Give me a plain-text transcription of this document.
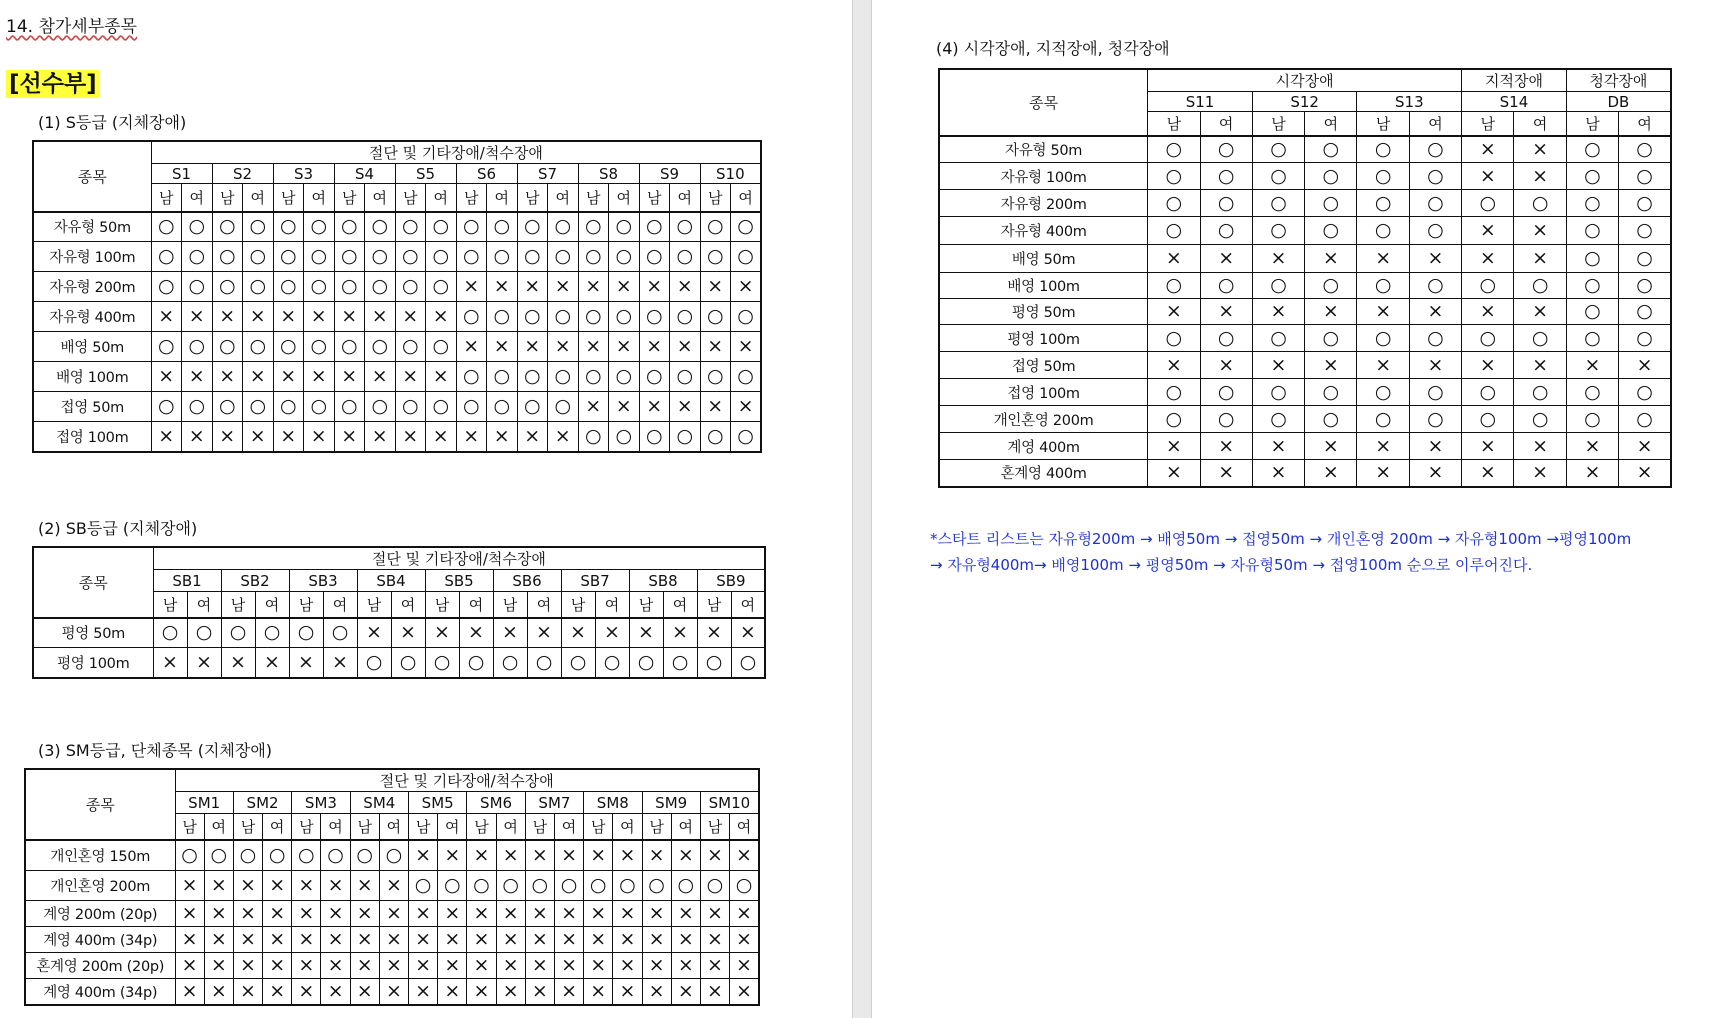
14. 참가세부종목
[선수부]
(1) S등급 (지체장애)
종목	절단 및 기타장애/척수장애																			
	S1		S2		S3		S4		S5		S6		S7		S8		S9		S10	
	남	여	남	여	남	여	남	여	남	여	남	여	남	여	남	여	남	여	남	여
자유형 50m	○	○	○	○	○	○	○	○	○	○	○	○	○	○	○	○	○	○	○	○
자유형 100m	○	○	○	○	○	○	○	○	○	○	○	○	○	○	○	○	○	○	○	○
자유형 200m	○	○	○	○	○	○	○	○	○	○	×	×	×	×	×	×	×	×	×	×
자유형 400m	×	×	×	×	×	×	×	×	×	×	○	○	○	○	○	○	○	○	○	○
배영 50m	○	○	○	○	○	○	○	○	○	○	×	×	×	×	×	×	×	×	×	×
배영 100m	×	×	×	×	×	×	×	×	×	×	○	○	○	○	○	○	○	○	○	○
접영 50m	○	○	○	○	○	○	○	○	○	○	○	○	○	○	×	×	×	×	×	×
접영 100m	×	×	×	×	×	×	×	×	×	×	×	×	×	×	○	○	○	○	○	○
(2) SB등급 (지체장애)
종목	절단 및 기타장애/척수장애																	
	SB1		SB2		SB3		SB4		SB5		SB6		SB7		SB8		SB9	
	남	여	남	여	남	여	남	여	남	여	남	여	남	여	남	여	남	여
평영 50m	○	○	○	○	○	○	×	×	×	×	×	×	×	×	×	×	×	×
평영 100m	×	×	×	×	×	×	○	○	○	○	○	○	○	○	○	○	○	○
(3) SM등급, 단체종목 (지체장애)
종목	절단 및 기타장애/척수장애																			
	SM1		SM2		SM3		SM4		SM5		SM6		SM7		SM8		SM9		SM10	
	남	여	남	여	남	여	남	여	남	여	남	여	남	여	남	여	남	여	남	여
개인혼영 150m	○	○	○	○	○	○	○	○	×	×	×	×	×	×	×	×	×	×	×	×
개인혼영 200m	×	×	×	×	×	×	×	×	○	○	○	○	○	○	○	○	○	○	○	○
계영 200m (20p)	×	×	×	×	×	×	×	×	×	×	×	×	×	×	×	×	×	×	×	×
계영 400m (34p)	×	×	×	×	×	×	×	×	×	×	×	×	×	×	×	×	×	×	×	×
혼계영 200m (20p)	×	×	×	×	×	×	×	×	×	×	×	×	×	×	×	×	×	×	×	×
계영 400m (34p)	×	×	×	×	×	×	×	×	×	×	×	×	×	×	×	×	×	×	×	×
(4) 시각장애, 지적장애, 청각장애
종목	시각장애						지적장애		청각장애	
	S11		S12		S13		S14		DB	
	남	여	남	여	남	여	남	여	남	여
자유형 50m	○	○	○	○	○	○	×	×	○	○
자유형 100m	○	○	○	○	○	○	×	×	○	○
자유형 200m	○	○	○	○	○	○	○	○	○	○
자유형 400m	○	○	○	○	○	○	×	×	○	○
배영 50m	×	×	×	×	×	×	×	×	○	○
배영 100m	○	○	○	○	○	○	○	○	○	○
평영 50m	×	×	×	×	×	×	×	×	○	○
평영 100m	○	○	○	○	○	○	○	○	○	○
접영 50m	×	×	×	×	×	×	×	×	×	×
접영 100m	○	○	○	○	○	○	○	○	○	○
개인혼영 200m	○	○	○	○	○	○	○	○	○	○
계영 400m	×	×	×	×	×	×	×	×	×	×
혼계영 400m	×	×	×	×	×	×	×	×	×	×

*스타트 리스트는 자유형200m → 배영50m → 접영50m → 개인혼영 200m → 자유형100m →평영100m

→ 자유형400m→ 배영100m → 평영50m → 자유형50m → 접영100m 순으로 이루어진다.
